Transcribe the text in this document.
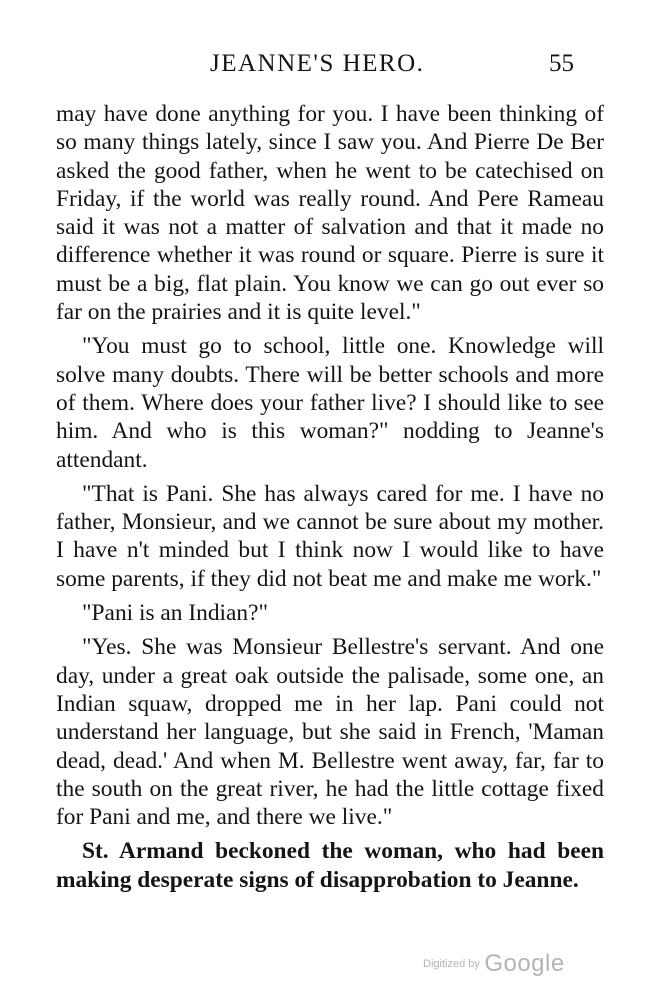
JEANNE'S HERO.	55

may have done anything for you. I have been thinking of so many things lately, since I saw you. And Pierre De Ber asked the good father, when he went to be catechised on Friday, if the world was really round. And Pere Rameau said it was not a matter of salvation and that it made no difference whether it was round or square. Pierre is sure it must be a big, flat plain. You know we can go out ever so far on the prairies and it is quite level."

"You must go to school, little one. Knowledge will solve many doubts. There will be better schools and more of them. Where does your father live? I should like to see him. And who is this woman?" nodding to Jeanne's attendant.

"That is Pani. She has always cared for me. I have no father, Monsieur, and we cannot be sure about my mother. I have n't minded but I think now I would like to have some parents, if they did not beat me and make me work."

"Pani is an Indian?"

"Yes. She was Monsieur Bellestre's servant. And one day, under a great oak outside the palisade, some one, an Indian squaw, dropped me in her lap. Pani could not understand her language, but she said in French, 'Maman dead, dead.' And when M. Bellestre went away, far, far to the south on the great river, he had the little cottage fixed for Pani and me, and there we live."

St. Armand beckoned the woman, who had been making desperate signs of disapprobation to Jeanne.

$^{Digitized by}$ Google
